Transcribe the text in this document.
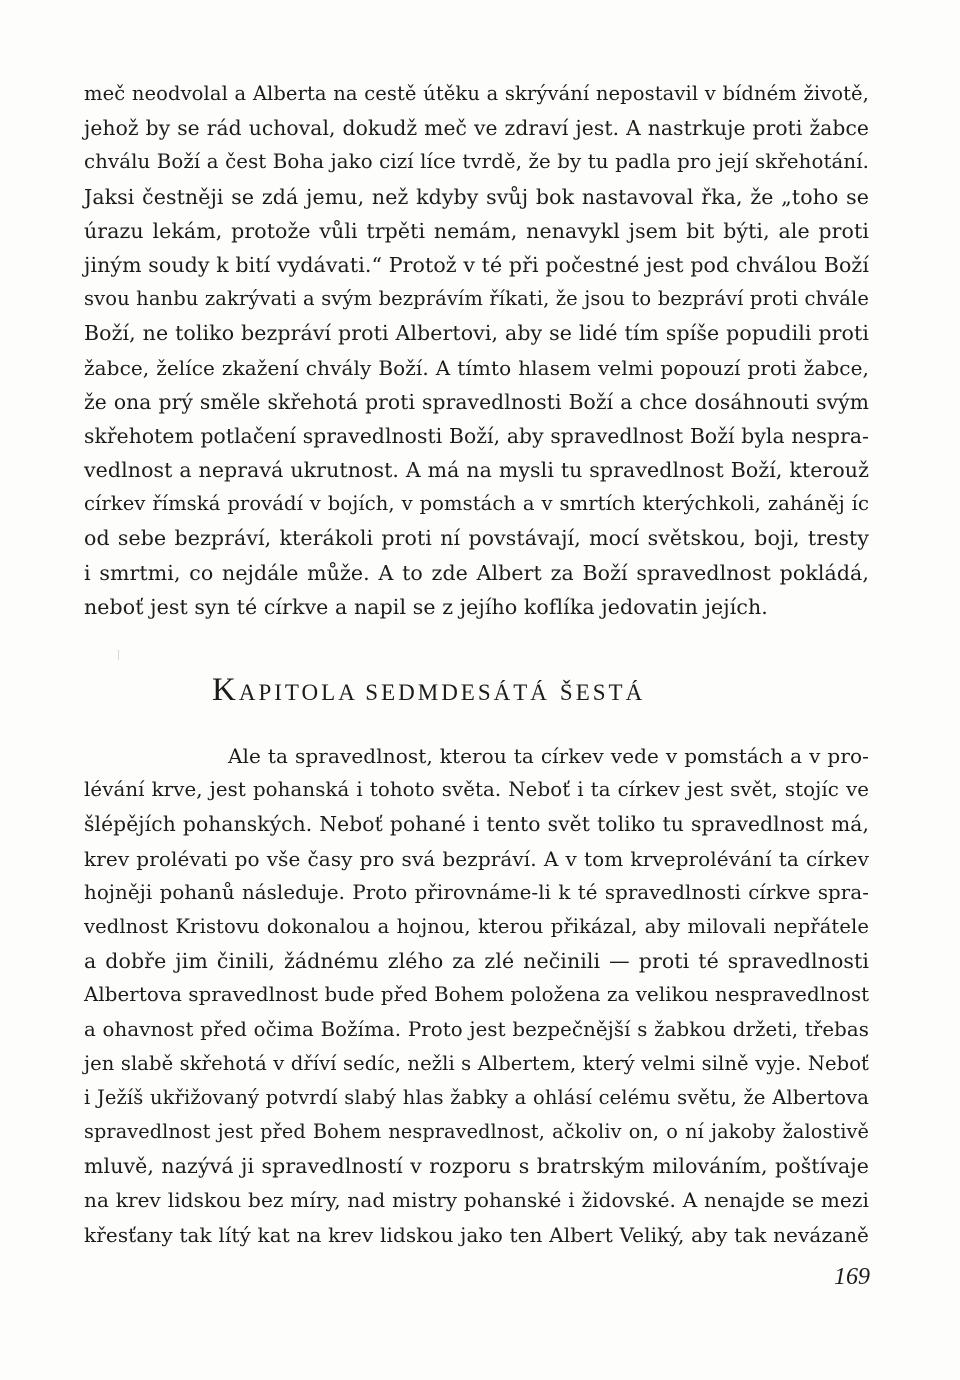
meč neodvolal a Alberta na cestě útěku a skrývání nepostavil v bídném životě,
jehož by se rád uchoval, dokudž meč ve zdraví jest. A nastrkuje proti žabce
chválu Boží a čest Boha jako cizí líce tvrdě, že by tu padla pro její skřehotání.
Jaksi čestněji se zdá jemu, než kdyby svůj bok nastavoval řka, že „toho se
úrazu lekám, protože vůli trpěti nemám, nenavykl jsem bit býti, ale proti
jiným soudy k bití vydávati.“ Protož v té při počestné jest pod chválou Boží
svou hanbu zakrývati a svým bezprávím říkati, že jsou to bezpráví proti chvále
Boží, ne toliko bezpráví proti Albertovi, aby se lidé tím spíše popudili proti
žabce, želíce zkažení chvály Boží. A tímto hlasem velmi popouzí proti žabce,
že ona prý směle skřehotá proti spravedlnosti Boží a chce dosáhnouti svým
skřehotem potlačení spravedlnosti Boží, aby spravedlnost Boží byla nespra-
vedlnost a nepravá ukrutnost. A má na mysli tu spravedlnost Boží, kterouž
církev římská provádí v bojích, v pomstách a v smrtích kterýchkoli, zaháněj íc
od sebe bezpráví, kterákoli proti ní povstávají, mocí světskou, boji, tresty
i smrtmi, co nejdále může. A to zde Albert za Boží spravedlnost pokládá,
neboť jest syn té církve a napil se z jejího koflíka jedovatin jejích.
KAPITOLA SEDMDESÁTÁ ŠESTÁ
Ale ta spravedlnost, kterou ta církev vede v pomstách a v pro-
lévání krve, jest pohanská i tohoto světa. Neboť i ta církev jest svět, stojíc ve
šlépějích pohanských. Neboť pohané i tento svět toliko tu spravedlnost má,
krev prolévati po vše časy pro svá bezpráví. A v tom krveprolévání ta církev
hojněji pohanů následuje. Proto přirovnáme-li k té spravedlnosti církve spra-
vedlnost Kristovu dokonalou a hojnou, kterou přikázal, aby milovali nepřátele
a dobře jim činili, žádnému zlého za zlé nečinili — proti té spravedlnosti
Albertova spravedlnost bude před Bohem položena za velikou nespravedlnost
a ohavnost před očima Božíma. Proto jest bezpečnější s žabkou držeti, třebas
jen slabě skřehotá v dříví sedíc, nežli s Albertem, který velmi silně vyje. Neboť
i Ježíš ukřižovaný potvrdí slabý hlas žabky a ohlásí celému světu, že Albertova
spravedlnost jest před Bohem nespravedlnost, ačkoliv on, o ní jakoby žalostivě
mluvě, nazývá ji spravedlností v rozporu s bratrským milováním, poštívaje
na krev lidskou bez míry, nad mistry pohanské i židovské. A nenajde se mezi
křesťany tak lítý kat na krev lidskou jako ten Albert Veliký, aby tak nevázaně
169
